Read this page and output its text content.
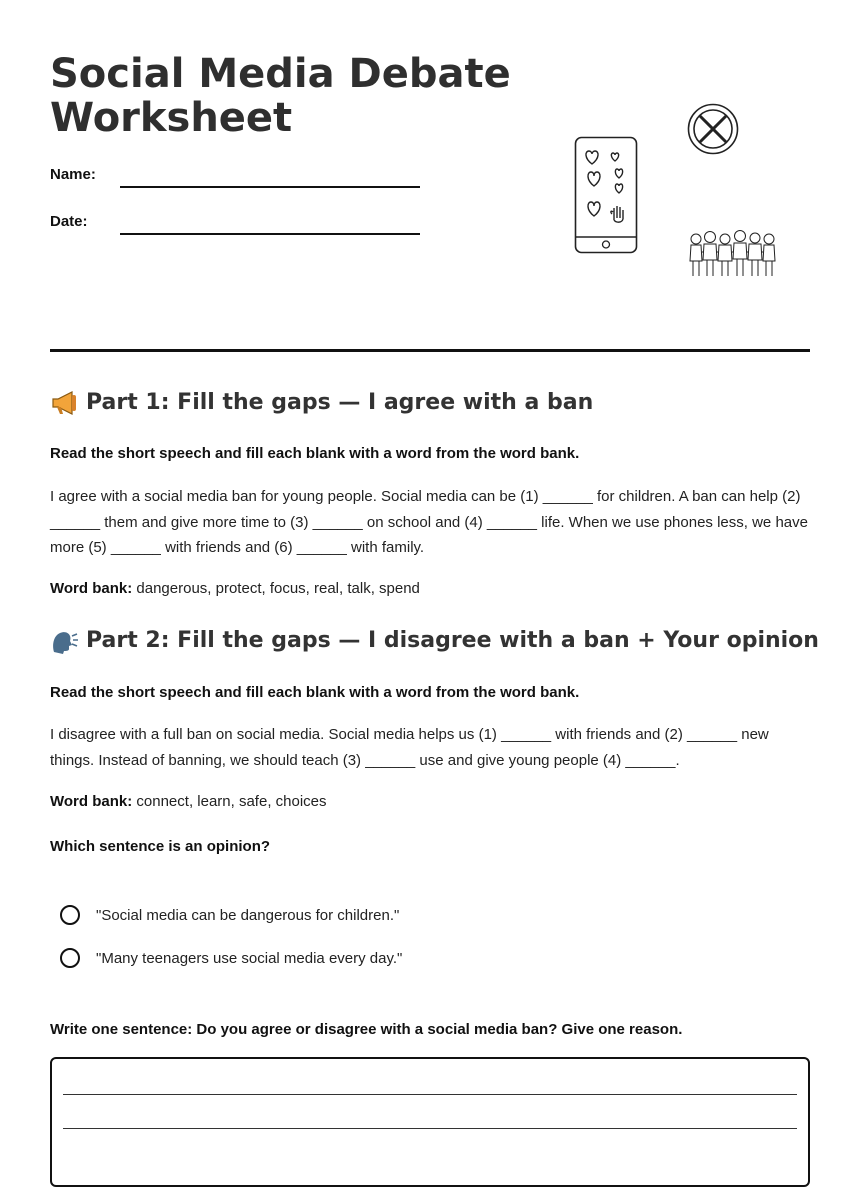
Social Media Debate
Worksheet
Name:
Date:
Part 1: Fill the gaps — I agree with a ban

Read the short speech and fill each blank with a word from the word bank.

I agree with a social media ban for young people. Social media can be (1) ______ for children. A ban can help (2) ______ them and give more time to (3) ______ on school and (4) ______ life. When we use phones less, we have more (5) ______ with friends and (6) ______ with family.

Word bank: dangerous, protect, focus, real, talk, spend

Part 2: Fill the gaps — I disagree with a ban + Your opinion

Read the short speech and fill each blank with a word from the word bank.

I disagree with a full ban on social media. Social media helps us (1) ______ with friends and (2) ______ new things. Instead of banning, we should teach (3) ______ use and give young people (4) ______.

Word bank: connect, learn, safe, choices

Which sentence is an opinion?

"Social media can be dangerous for children."
"Many teenagers use social media every day."

Write one sentence: Do you agree or disagree with a social media ban? Give one reason.
